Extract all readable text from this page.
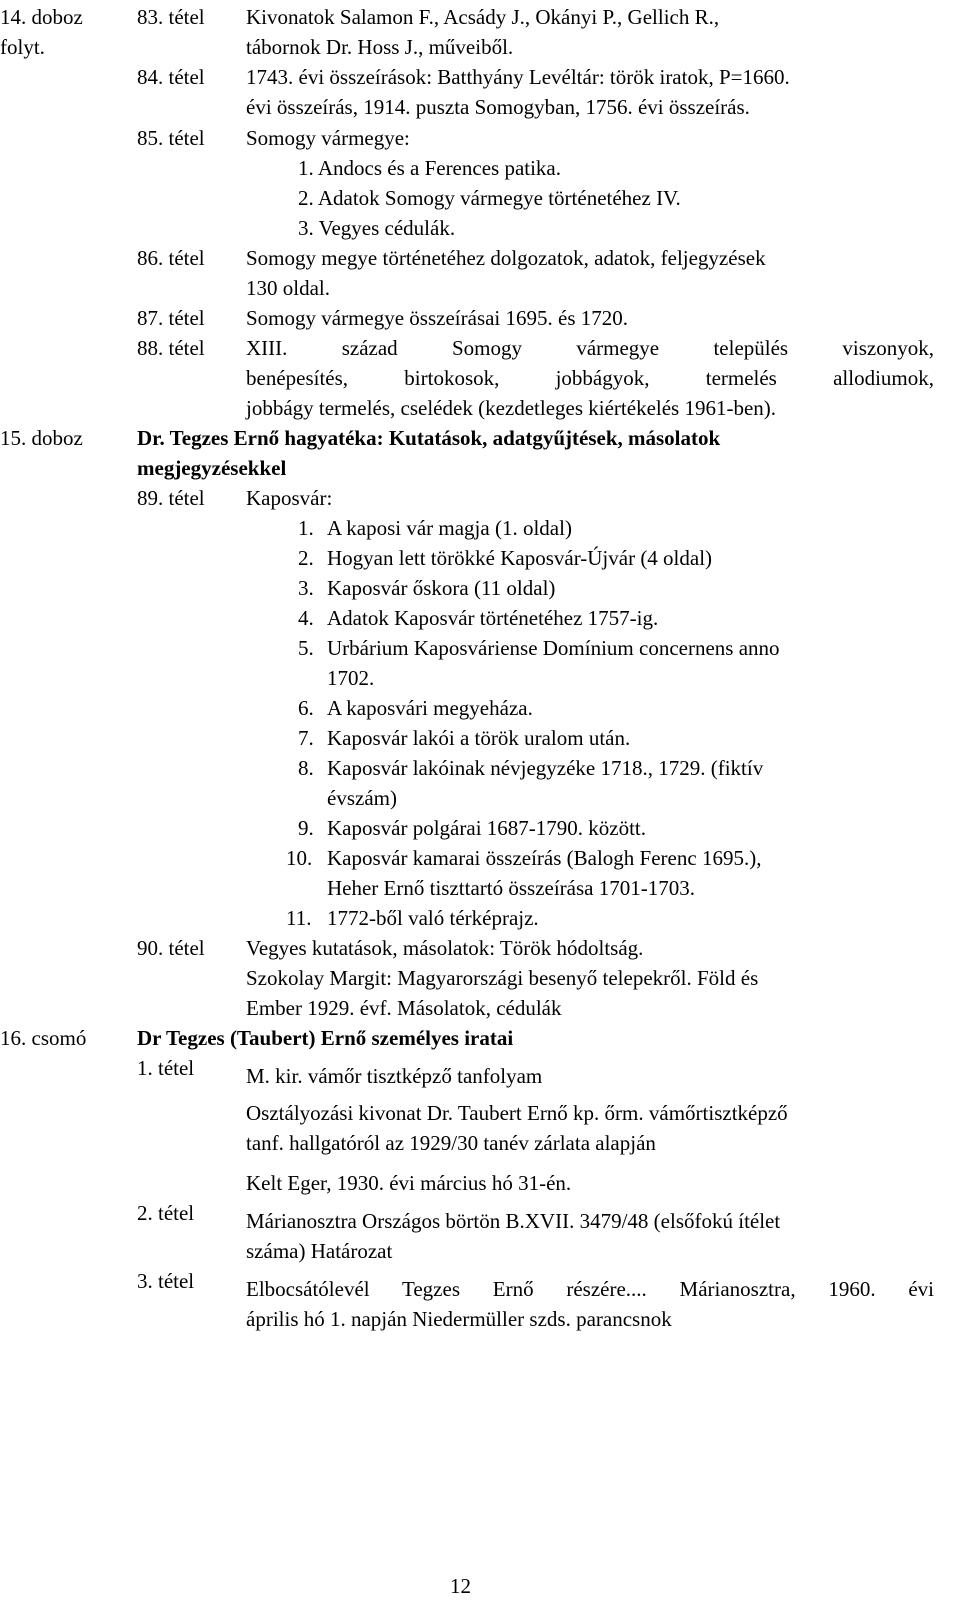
14. doboz
folyt.
83. tétel Kivonatok Salamon F., Acsády J., Okányi P., Gellich R.,
tábornok Dr. Hoss J., műveiből.
84. tétel 1743. évi összeírások: Batthyány Levéltár: török iratok, P=1660.
évi összeírás, 1914. puszta Somogyban, 1756. évi összeírás.
85. tétel Somogy vármegye:
1. Andocs és a Ferences patika.
2. Adatok Somogy vármegye történetéhez IV.
3. Vegyes cédulák.
86. tétel Somogy megye történetéhez dolgozatok, adatok, feljegyzések
130 oldal.
87. tétel Somogy vármegye összeírásai 1695. és 1720.
88. tétel XIII. század Somogy vármegye település viszonyok,
benépesítés, birtokosok, jobbágyok, termelés allodiumok,
jobbágy termelés, cselédek (kezdetleges kiértékelés 1961-ben).
15. doboz	Dr. Tegzes Ernő hagyatéka: Kutatások, adatgyűjtések, másolatok
megjegyzésekkel
89. tétel Kaposvár:
1. A kaposi vár magja (1. oldal)
2. Hogyan lett törökké Kaposvár-Újvár (4 oldal)
3. Kaposvár őskora (11 oldal)
4. Adatok Kaposvár történetéhez 1757-ig.
5. Urbárium Kaposváriense Domínium concernens anno
1702.
6. A kaposvári megyeháza.
7. Kaposvár lakói a török uralom után.
8. Kaposvár lakóinak névjegyzéke 1718., 1729. (fiktív
évszám)
9. Kaposvár polgárai 1687-1790. között.
10. Kaposvár kamarai összeírás (Balogh Ferenc 1695.),
Heher Ernő tiszttartó összeírása 1701-1703.
11. 1772-ből való térképrajz.
90. tétel Vegyes kutatások, másolatok: Török hódoltság.
Szokolay Margit: Magyarországi besenyő telepekről. Föld és
Ember 1929. évf. Másolatok, cédulák
16. csomó Dr Tegzes (Taubert) Ernő személyes iratai
1. tétel M. kir. vámőr tisztképző tanfolyam
Osztályozási kivonat Dr. Taubert Ernő kp. őrm. vámőrtisztképző
tanf. hallgatóról az 1929/30 tanév zárlata alapján
Kelt Eger, 1930. évi március hó 31-én.
2. tétel Márianosztra Országos börtön B.XVII. 3479/48 (elsőfokú ítélet
száma) Határozat
3. tétel Elbocsátólevél Tegzes Ernő részére.... Márianosztra, 1960. évi
április hó 1. napján Niedermüller szds. parancsnok
12
